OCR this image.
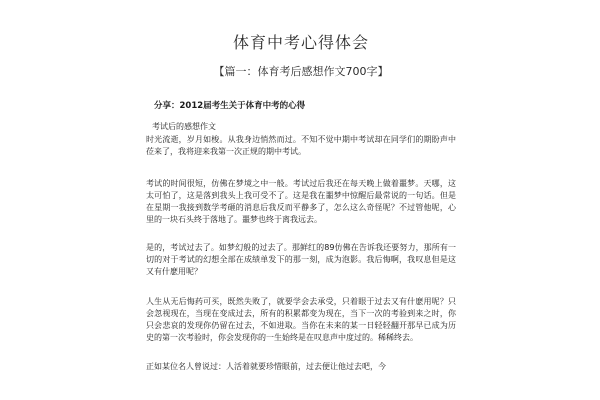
体育中考心得体会
【篇一：体育考后感想作文700字】
分享：2012届考生关于体育中考的心得
考试后的感想作文

时光流逝，岁月如梭。从我身边悄然而过。不知不觉中期中考试却在同学们的期盼声中莅来了，我将迎来我第一次正规的期中考试。

考试的时间很短，仿佛在梦境之中一般。考试过后我还在每天晚上做着噩梦。天哪，这太可怕了，这是落到我头上我可受不了。这是我在噩梦中惊醒后最常说的一句话。但是在星期一我接到数学考砸的消息后我反而平静多了，怎么这么奇怪呢？不过管他呢，心里的一块石头终于落地了。噩梦也终于离我远去。

是的，考试过去了。如梦幻般的过去了。那鲜红的89仿佛在告诉我还要努力，那所有一切的对于考试的幻想全部在成绩单发下的那一刻，成为泡影。我后悔啊，我叹息但是这又有什麽用呢？

人生从无后悔药可买，既然失败了，就要学会去承受，只着眼于过去又有什麽用呢？只会忽视现在，当现在变成过去，所有的积累都变为现在，当下一次的考验到来之时，你只会悲哀的发现你仍留在过去，不如进取。当你在未来的某一日轻轻翻开那早已成为历史的第一次考验时，你会发现你的一生始终是在叹息声中度过的。稀稀终去。

正如某位名人曾说过：人活着就要珍惜眼前，过去便让他过去吧，今
